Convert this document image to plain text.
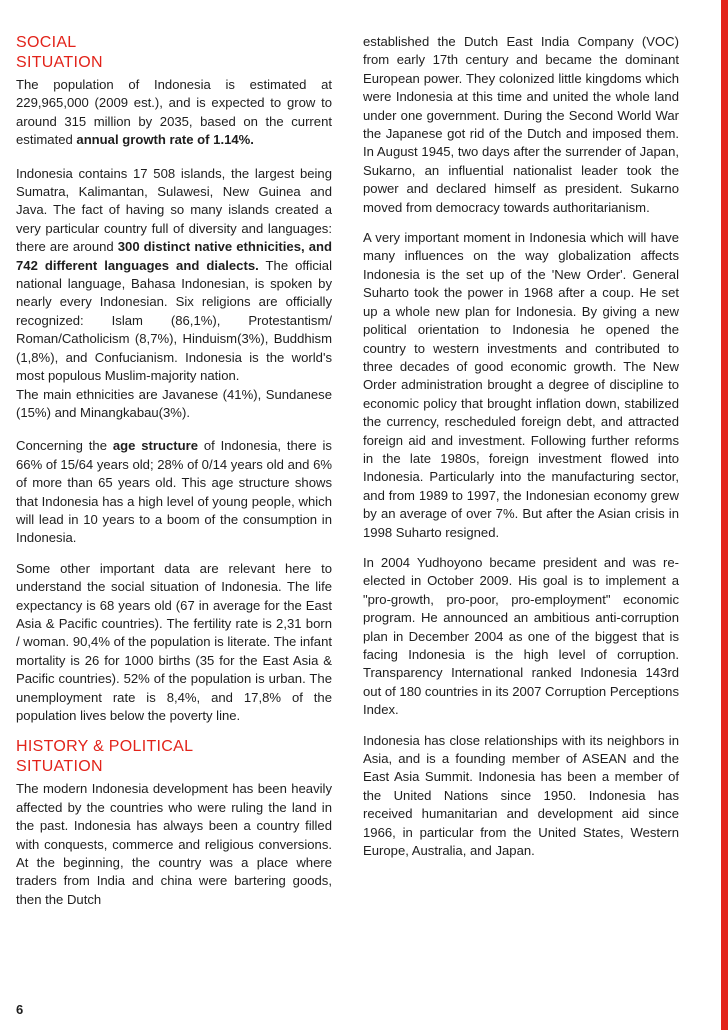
SOCIAL
SITUATION

The population of Indonesia is estimated at 229,965,000 (2009 est.), and is expected to grow to around 315 million by 2035, based on the current estimated annual growth rate of 1.14%.

Indonesia contains 17 508 islands, the largest being Sumatra, Kalimantan, Sulawesi, New Guinea and Java. The fact of having so many islands created a very particular country full of diversity and languages: there are around 300 distinct native ethnicities, and 742 different languages and dialects. The official national language, Bahasa Indonesian, is spoken by nearly every Indonesian. Six religions are officially recognized: Islam (86,1%), Protestantism/ Roman/Catholicism (8,7%), Hinduism(3%), Buddhism (1,8%), and Confucianism. Indonesia is the world's most populous Muslim-majority nation.
The main ethnicities are Javanese (41%), Sundanese (15%) and Minangkabau(3%).

Concerning the age structure of Indonesia, there is 66% of 15/64 years old; 28% of 0/14 years old and 6% of more than 65 years old. This age structure shows that Indonesia has a high level of young people, which will lead in 10 years to a boom of the consumption in Indonesia.

Some other important data are relevant here to understand the social situation of Indonesia. The life expectancy is 68 years old (67 in average for the East Asia & Pacific countries). The fertility rate is 2,31 born / woman. 90,4% of the population is literate. The infant mortality is 26 for 1000 births (35 for the East Asia & Pacific countries). 52% of the population is urban. The unemployment rate is 8,4%, and 17,8% of the population lives below the poverty line.

HISTORY & POLITICAL
SITUATION

The modern Indonesia development has been heavily affected by the countries who were ruling the land in the past. Indonesia has always been a country filled with conquests, commerce and religious conversions. At the beginning, the country was a place where traders from India and china were bartering goods, then the Dutch

established the Dutch East India Company (VOC) from early 17th century and became the dominant European power. They colonized little kingdoms which were Indonesia at this time and united the whole land under one government. During the Second World War the Japanese got rid of the Dutch and imposed them. In August 1945, two days after the surrender of Japan, Sukarno, an influential nationalist leader took the power and declared himself as president. Sukarno moved from democracy towards authoritarianism.

A very important moment in Indonesia which will have many influences on the way globalization affects Indonesia is the set up of the 'New Order'. General Suharto took the power in 1968 after a coup. He set up a whole new plan for Indonesia. By giving a new political orientation to Indonesia he opened the country to western investments and contributed to three decades of good economic growth. The New Order administration brought a degree of discipline to economic policy that brought inflation down, stabilized the currency, rescheduled foreign debt, and attracted foreign aid and investment. Following further reforms in the late 1980s, foreign investment flowed into Indonesia. Particularly into the manufacturing sector, and from 1989 to 1997, the Indonesian economy grew by an average of over 7%. But after the Asian crisis in 1998 Suharto resigned.

In 2004 Yudhoyono became president and was re-elected in October 2009. His goal is to implement a "pro-growth, pro-poor, pro-employment" economic program. He announced an ambitious anti-corruption plan in December 2004 as one of the biggest that is facing Indonesia is the high level of corruption. Transparency International ranked Indonesia 143rd out of 180 countries in its 2007 Corruption Perceptions Index.

Indonesia has close relationships with its neighbors in Asia, and is a founding member of ASEAN and the East Asia Summit. Indonesia has been a member of the United Nations since 1950. Indonesia has received humanitarian and development aid since 1966, in particular from the United States, Western Europe, Australia, and Japan.

6
